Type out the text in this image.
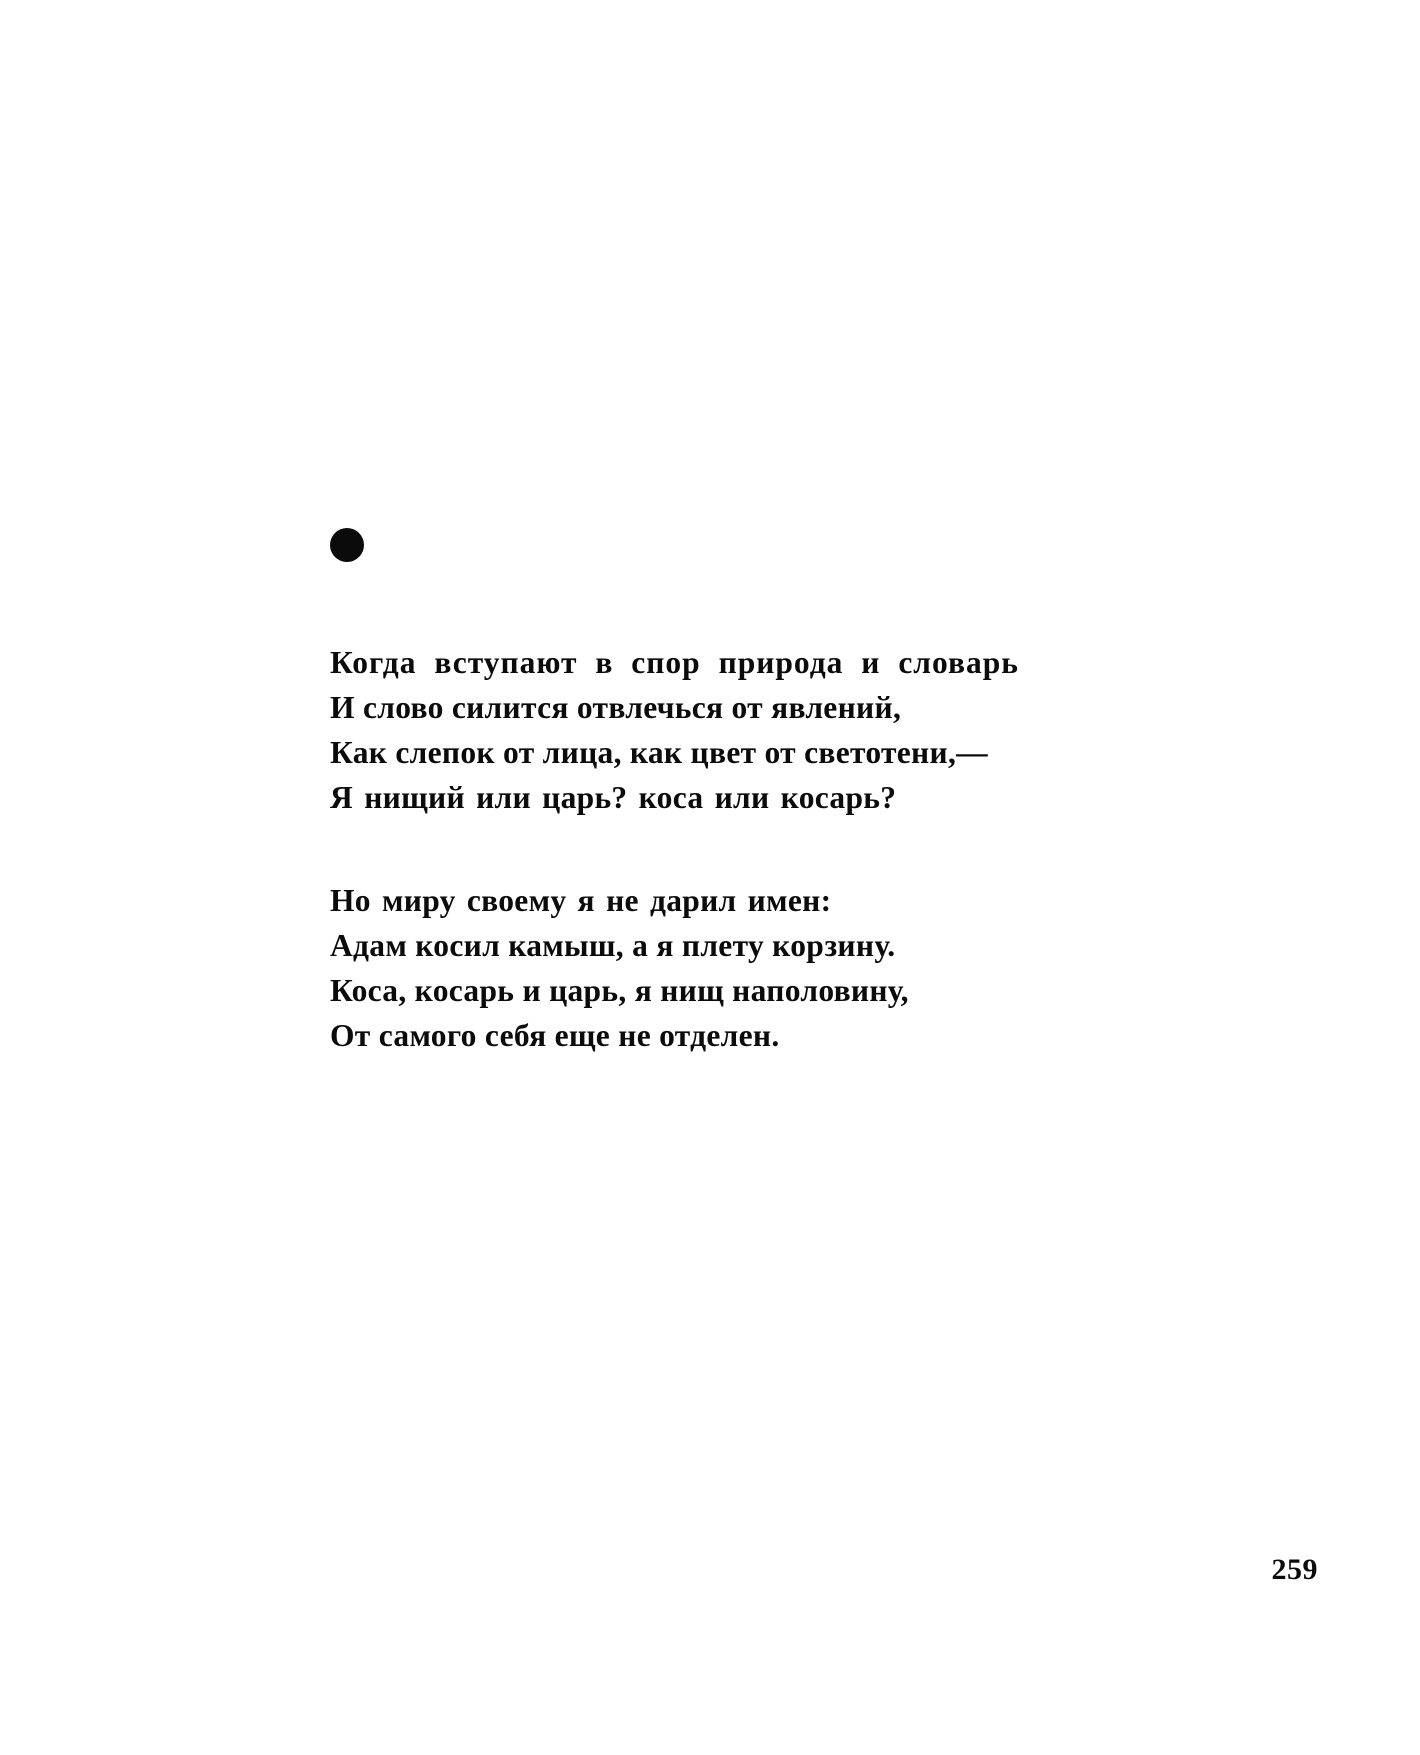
Когда вступают в спор природа и словарь
И слово силится отвлечься от явлений,
Как слепок от лица, как цвет от светотени,—
Я нищий или царь? коса или косарь?
Но миру своему я не дарил имен:
Адам косил камыш, а я плету корзину.
Коса, косарь и царь, я нищ наполовину,
От самого себя еще не отделен.
259
